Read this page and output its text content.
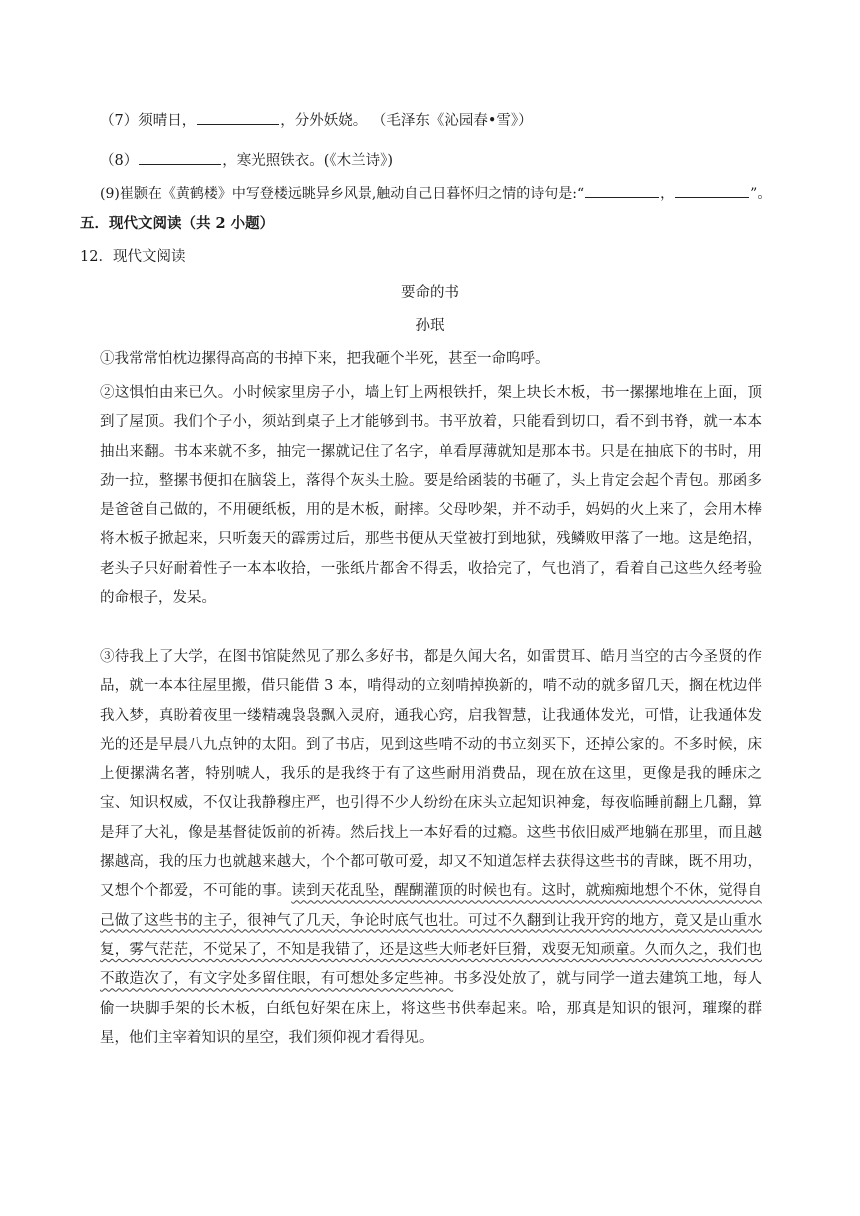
（7）须晴日，	，分外妖娆。 （毛泽东《沁园春•雪》）
（8）	，寒光照铁衣。(《木兰诗》)
(9)崔颢在《黄鹤楼》中写登楼远眺异乡风景,触动自己日暮怀归之情的诗句是:“	，	”。
五．现代文阅读（共 2 小题）
12．现代文阅读
要命的书
孙珉
①我常常怕枕边摞得高高的书掉下来，把我砸个半死，甚至一命呜呼。
②这惧怕由来已久。小时候家里房子小，墙上钉上两根铁扦，架上块长木板，书一摞摞地堆在上面，顶到了屋顶。我们个子小，须站到桌子上才能够到书。书平放着，只能看到切口，看不到书脊，就一本本抽出来翻。书本来就不多，抽完一摞就记住了名字，单看厚薄就知是那本书。只是在抽底下的书时，用劲一拉，整摞书便扣在脑袋上，落得个灰头土脸。要是给函装的书砸了，头上肯定会起个青包。那函多是爸爸自己做的，不用硬纸板，用的是木板，耐摔。父母吵架，并不动手，妈妈的火上来了，会用木棒将木板子掀起来，只听轰天的霹雳过后，那些书便从天堂被打到地狱，残鳞败甲落了一地。这是绝招，老头子只好耐着性子一本本收拾，一张纸片都舍不得丢，收拾完了，气也消了，看着自己这些久经考验的命根子，发呆。
③待我上了大学，在图书馆陡然见了那么多好书，都是久闻大名，如雷贯耳、皓月当空的古今圣贤的作品，就一本本往屋里搬，借只能借 3 本，啃得动的立刻啃掉换新的，啃不动的就多留几天，搁在枕边伴我入梦，真盼着夜里一缕精魂袅袅飘入灵府，通我心窍，启我智慧，让我通体发光，可惜，让我通体发光的还是早晨八九点钟的太阳。到了书店，见到这些啃不动的书立刻买下，还掉公家的。不多时候，床上便摞满名著，特别唬人，我乐的是我终于有了这些耐用消费品，现在放在这里，更像是我的睡床之宝、知识权威，不仅让我静穆庄严，也引得不少人纷纷在床头立起知识神龛，每夜临睡前翻上几翻，算是拜了大礼，像是基督徒饭前的祈祷。然后找上一本好看的过瘾。这些书依旧威严地躺在那里，而且越摞越高，我的压力也就越来越大，个个都可敬可爱，却又不知道怎样去获得这些书的青睐，既不用功，又想个个都爱，不可能的事。读到天花乱坠，醒醐灌顶的时候也有。这时，就痴痴地想个不休，觉得自己做了这些书的主子，很神气了几天，争论时底气也壮。可过不久翻到让我开窍的地方，竟又是山重水复，雾气茫茫，不觉呆了，不知是我错了，还是这些大师老奸巨猾，戏耍无知顽童。久而久之，我们也不敢造次了，有文字处多留住眼，有可想处多定些神。书多没处放了，就与同学一道去建筑工地，每人偷一块脚手架的长木板，白纸包好架在床上，将这些书供奉起来。哈，那真是知识的银河，璀璨的群星，他们主宰着知识的星空，我们须仰视才看得见。
